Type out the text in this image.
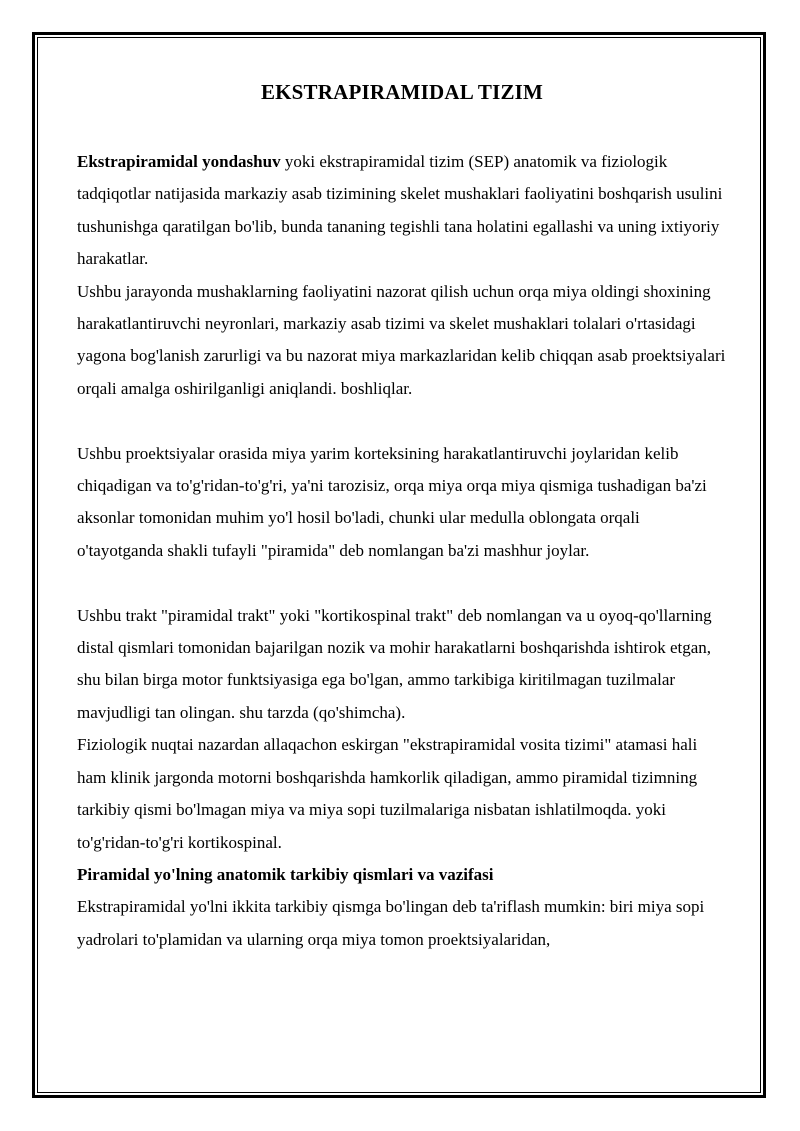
EKSTRAPIRAMIDAL TIZIM

Ekstrapiramidal yondashuv yoki ekstrapiramidal tizim (SEP) anatomik va fiziologik tadqiqotlar natijasida markaziy asab tizimining skelet mushaklari faoliyatini boshqarish usulini tushunishga qaratilgan bo'lib, bunda tananing tegishli tana holatini egallashi va uning ixtiyoriy harakatlar.

Ushbu jarayonda mushaklarning faoliyatini nazorat qilish uchun orqa miya oldingi shoxining harakatlantiruvchi neyronlari, markaziy asab tizimi va skelet mushaklari tolalari o'rtasidagi yagona bog'lanish zarurligi va bu nazorat miya markazlaridan kelib chiqqan asab proektsiyalari orqali amalga oshirilganligi aniqlandi. boshliqlar.

Ushbu proektsiyalar orasida miya yarim korteksining harakatlantiruvchi joylaridan kelib chiqadigan va to'g'ridan-to'g'ri, ya'ni tarozisiz, orqa miya orqa miya qismiga tushadigan ba'zi aksonlar tomonidan muhim yo'l hosil bo'ladi, chunki ular medulla oblongata orqali o'tayotganda shakli tufayli "piramida" deb nomlangan ba'zi mashhur joylar.

Ushbu trakt "piramidal trakt" yoki "kortikospinal trakt" deb nomlangan va u oyoq-qo'llarning distal qismlari tomonidan bajarilgan nozik va mohir harakatlarni boshqarishda ishtirok etgan, shu bilan birga motor funktsiyasiga ega bo'lgan, ammo tarkibiga kiritilmagan tuzilmalar mavjudligi tan olingan. shu tarzda (qo'shimcha).

Fiziologik nuqtai nazardan allaqachon eskirgan "ekstrapiramidal vosita tizimi" atamasi hali ham klinik jargonda motorni boshqarishda hamkorlik qiladigan, ammo piramidal tizimning tarkibiy qismi bo'lmagan miya va miya sopi tuzilmalariga nisbatan ishlatilmoqda. yoki to'g'ridan-to'g'ri kortikospinal.

Piramidal yo'lning anatomik tarkibiy qismlari va vazifasi

Ekstrapiramidal yo'lni ikkita tarkibiy qismga bo'lingan deb ta'riflash mumkin: biri miya sopi yadrolari to'plamidan va ularning orqa miya tomon proektsiyalaridan,
